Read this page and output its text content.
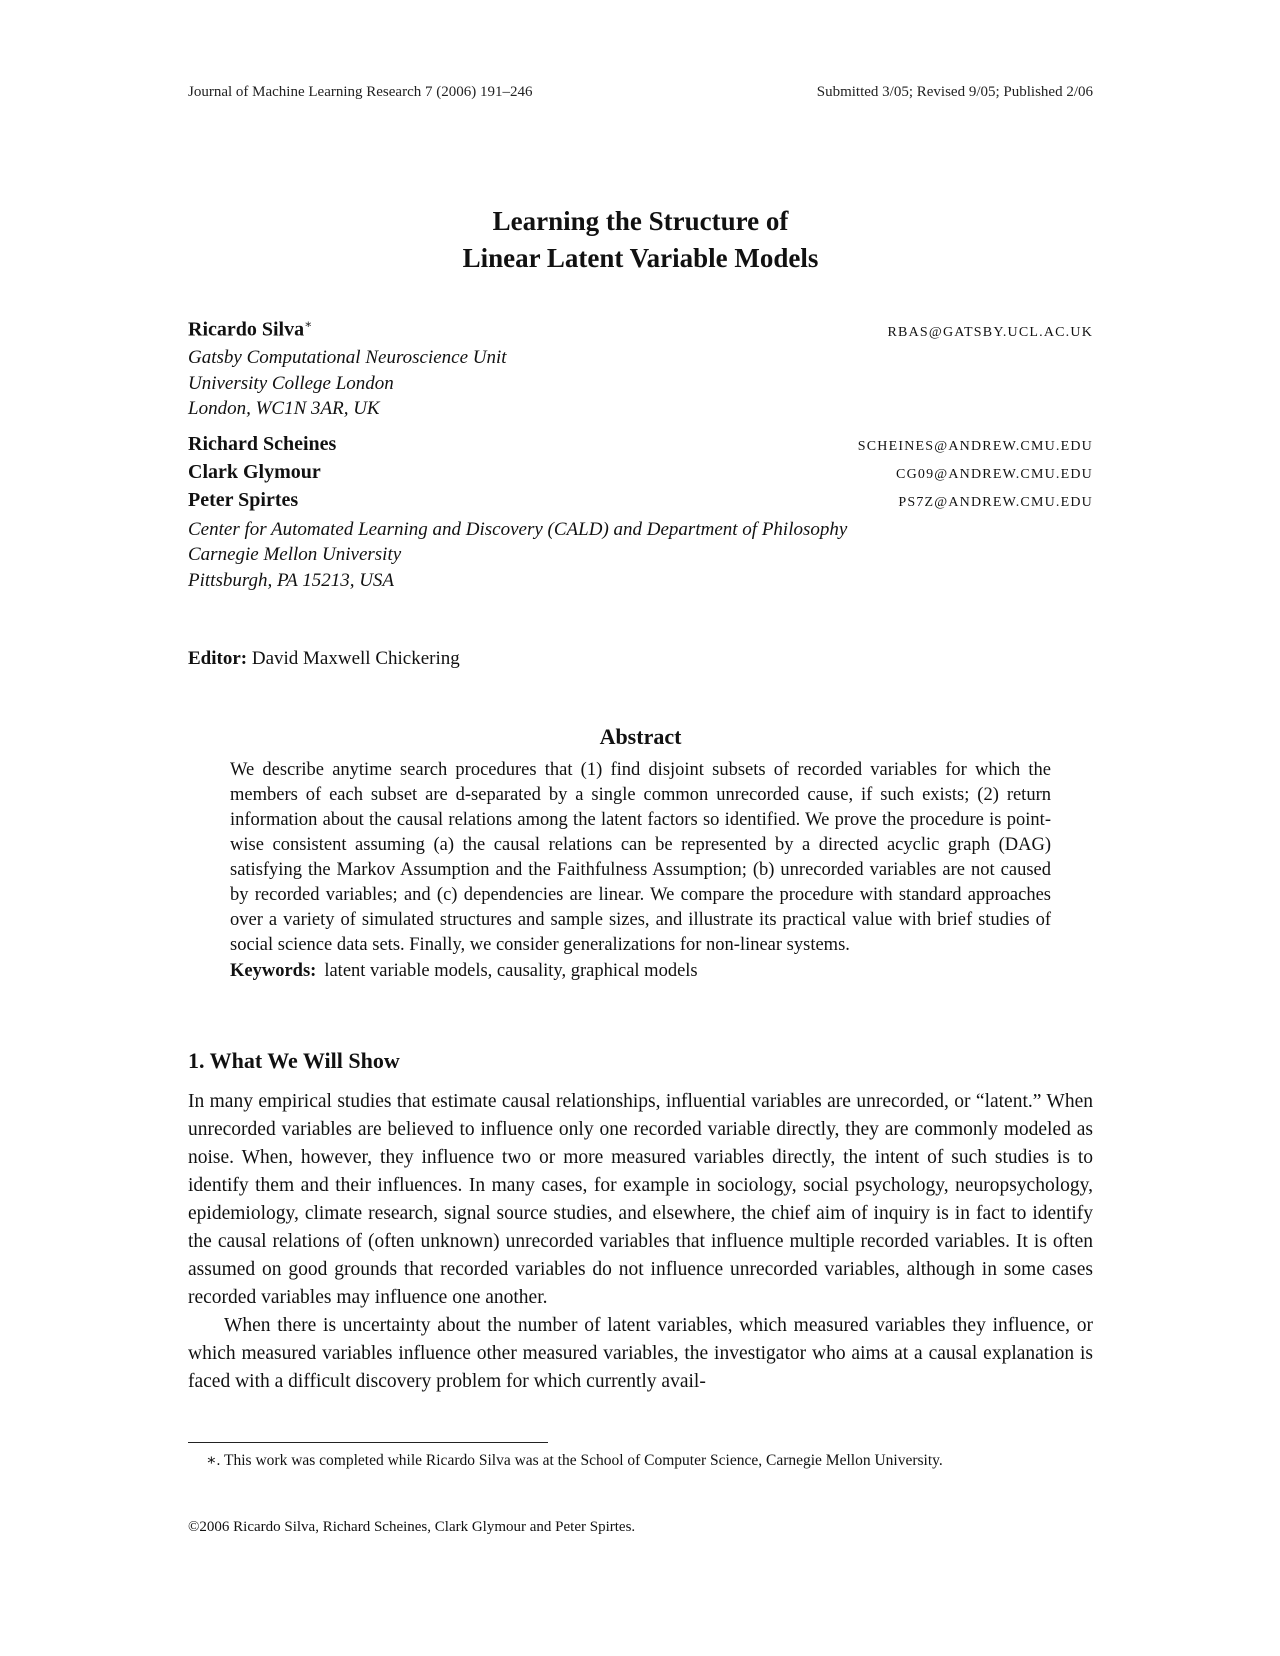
Journal of Machine Learning Research 7 (2006) 191–246	Submitted 3/05; Revised 9/05; Published 2/06
Learning the Structure of
Linear Latent Variable Models
Ricardo Silva∗
RBAS@GATSBY.UCL.AC.UK
Gatsby Computational Neuroscience Unit
University College London
London, WC1N 3AR, UK
Richard Scheines	SCHEINES@ANDREW.CMU.EDU
Clark Glymour	CG09@ANDREW.CMU.EDU
Peter Spirtes	PS7Z@ANDREW.CMU.EDU
Center for Automated Learning and Discovery (CALD) and Department of Philosophy
Carnegie Mellon University
Pittsburgh, PA 15213, USA
Editor: David Maxwell Chickering
Abstract
We describe anytime search procedures that (1) find disjoint subsets of recorded variables for which the members of each subset are d-separated by a single common unrecorded cause, if such exists; (2) return information about the causal relations among the latent factors so identified. We prove the procedure is point-wise consistent assuming (a) the causal relations can be represented by a directed acyclic graph (DAG) satisfying the Markov Assumption and the Faithfulness Assumption; (b) unrecorded variables are not caused by recorded variables; and (c) dependencies are linear. We compare the procedure with standard approaches over a variety of simulated structures and sample sizes, and illustrate its practical value with brief studies of social science data sets. Finally, we consider generalizations for non-linear systems.
Keywords: latent variable models, causality, graphical models
1. What We Will Show

In many empirical studies that estimate causal relationships, influential variables are unrecorded, or “latent.” When unrecorded variables are believed to influence only one recorded variable directly, they are commonly modeled as noise. When, however, they influence two or more measured variables directly, the intent of such studies is to identify them and their influences. In many cases, for example in sociology, social psychology, neuropsychology, epidemiology, climate research, signal source studies, and elsewhere, the chief aim of inquiry is in fact to identify the causal relations of (often unknown) unrecorded variables that influence multiple recorded variables. It is often assumed on good grounds that recorded variables do not influence unrecorded variables, although in some cases recorded variables may influence one another.

When there is uncertainty about the number of latent variables, which measured variables they influence, or which measured variables influence other measured variables, the investigator who aims at a causal explanation is faced with a difficult discovery problem for which currently avail-

∗. This work was completed while Ricardo Silva was at the School of Computer Science, Carnegie Mellon University.
©2006 Ricardo Silva, Richard Scheines, Clark Glymour and Peter Spirtes.
